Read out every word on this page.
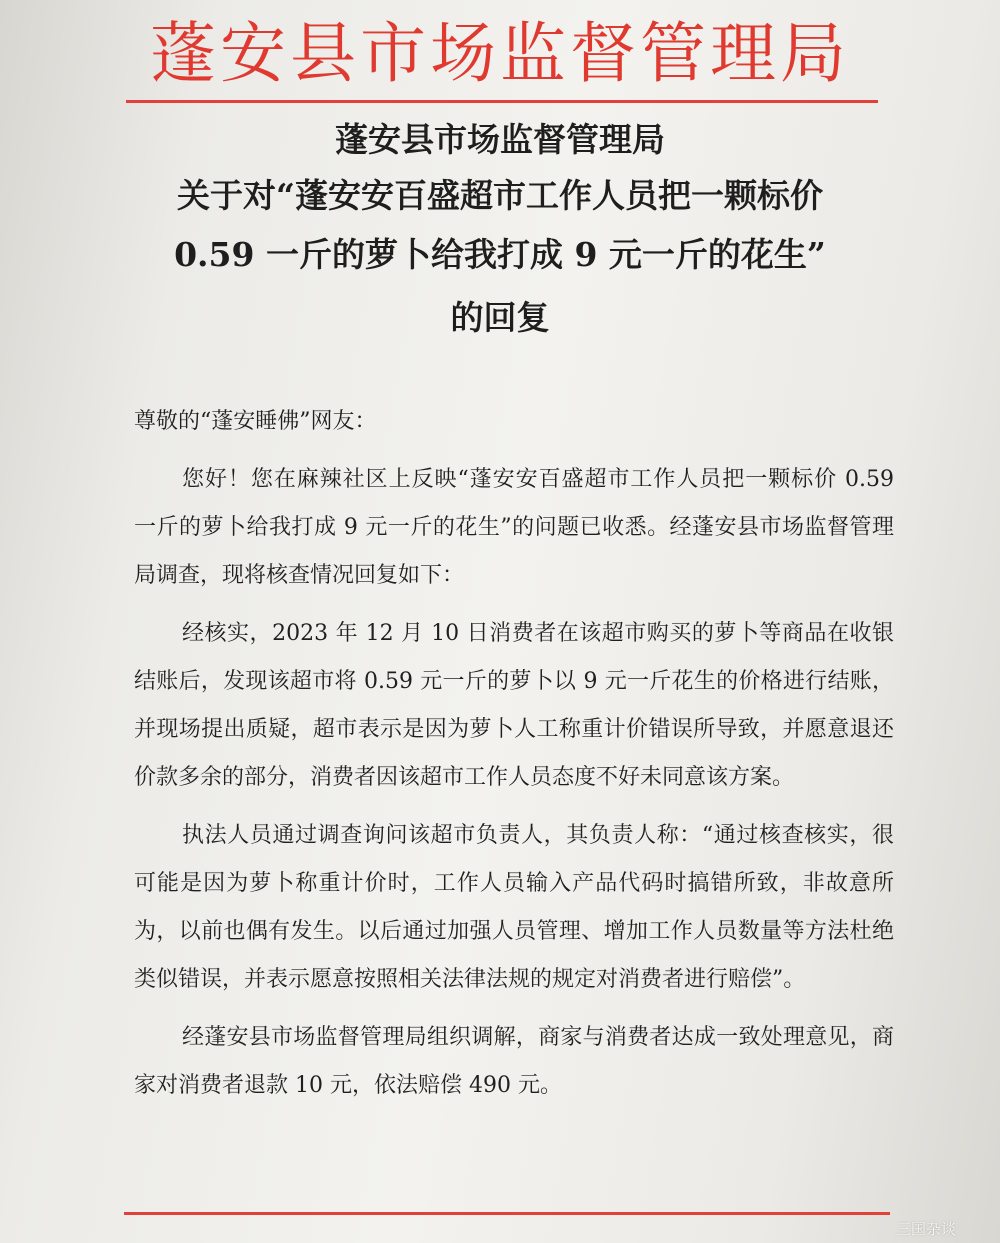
蓬安县市场监督管理局
蓬安县市场监督管理局
关于对“蓬安安百盛超市工作人员把一颗标价
0.59 一斤的萝卜给我打成 9 元一斤的花生”
的回复

尊敬的“蓬安睡佛”网友：

您好！您在麻辣社区上反映“蓬安安百盛超市工作人员把一颗标价 0.59 一斤的萝卜给我打成 9 元一斤的花生”的问题已收悉。经蓬安县市场监督管理局调查，现将核查情况回复如下：

经核实，2023 年 12 月 10 日消费者在该超市购买的萝卜等商品在收银结账后，发现该超市将 0.59 元一斤的萝卜以 9 元一斤花生的价格进行结账，并现场提出质疑，超市表示是因为萝卜人工称重计价错误所导致，并愿意退还价款多余的部分，消费者因该超市工作人员态度不好未同意该方案。

执法人员通过调查询问该超市负责人，其负责人称：“通过核查核实，很可能是因为萝卜称重计价时，工作人员输入产品代码时搞错所致，非故意所为，以前也偶有发生。以后通过加强人员管理、增加工作人员数量等方法杜绝类似错误，并表示愿意按照相关法律法规的规定对消费者进行赔偿”。

经蓬安县市场监督管理局组织调解，商家与消费者达成一致处理意见，商家对消费者退款 10 元，依法赔偿 490 元。

三国杂谈
